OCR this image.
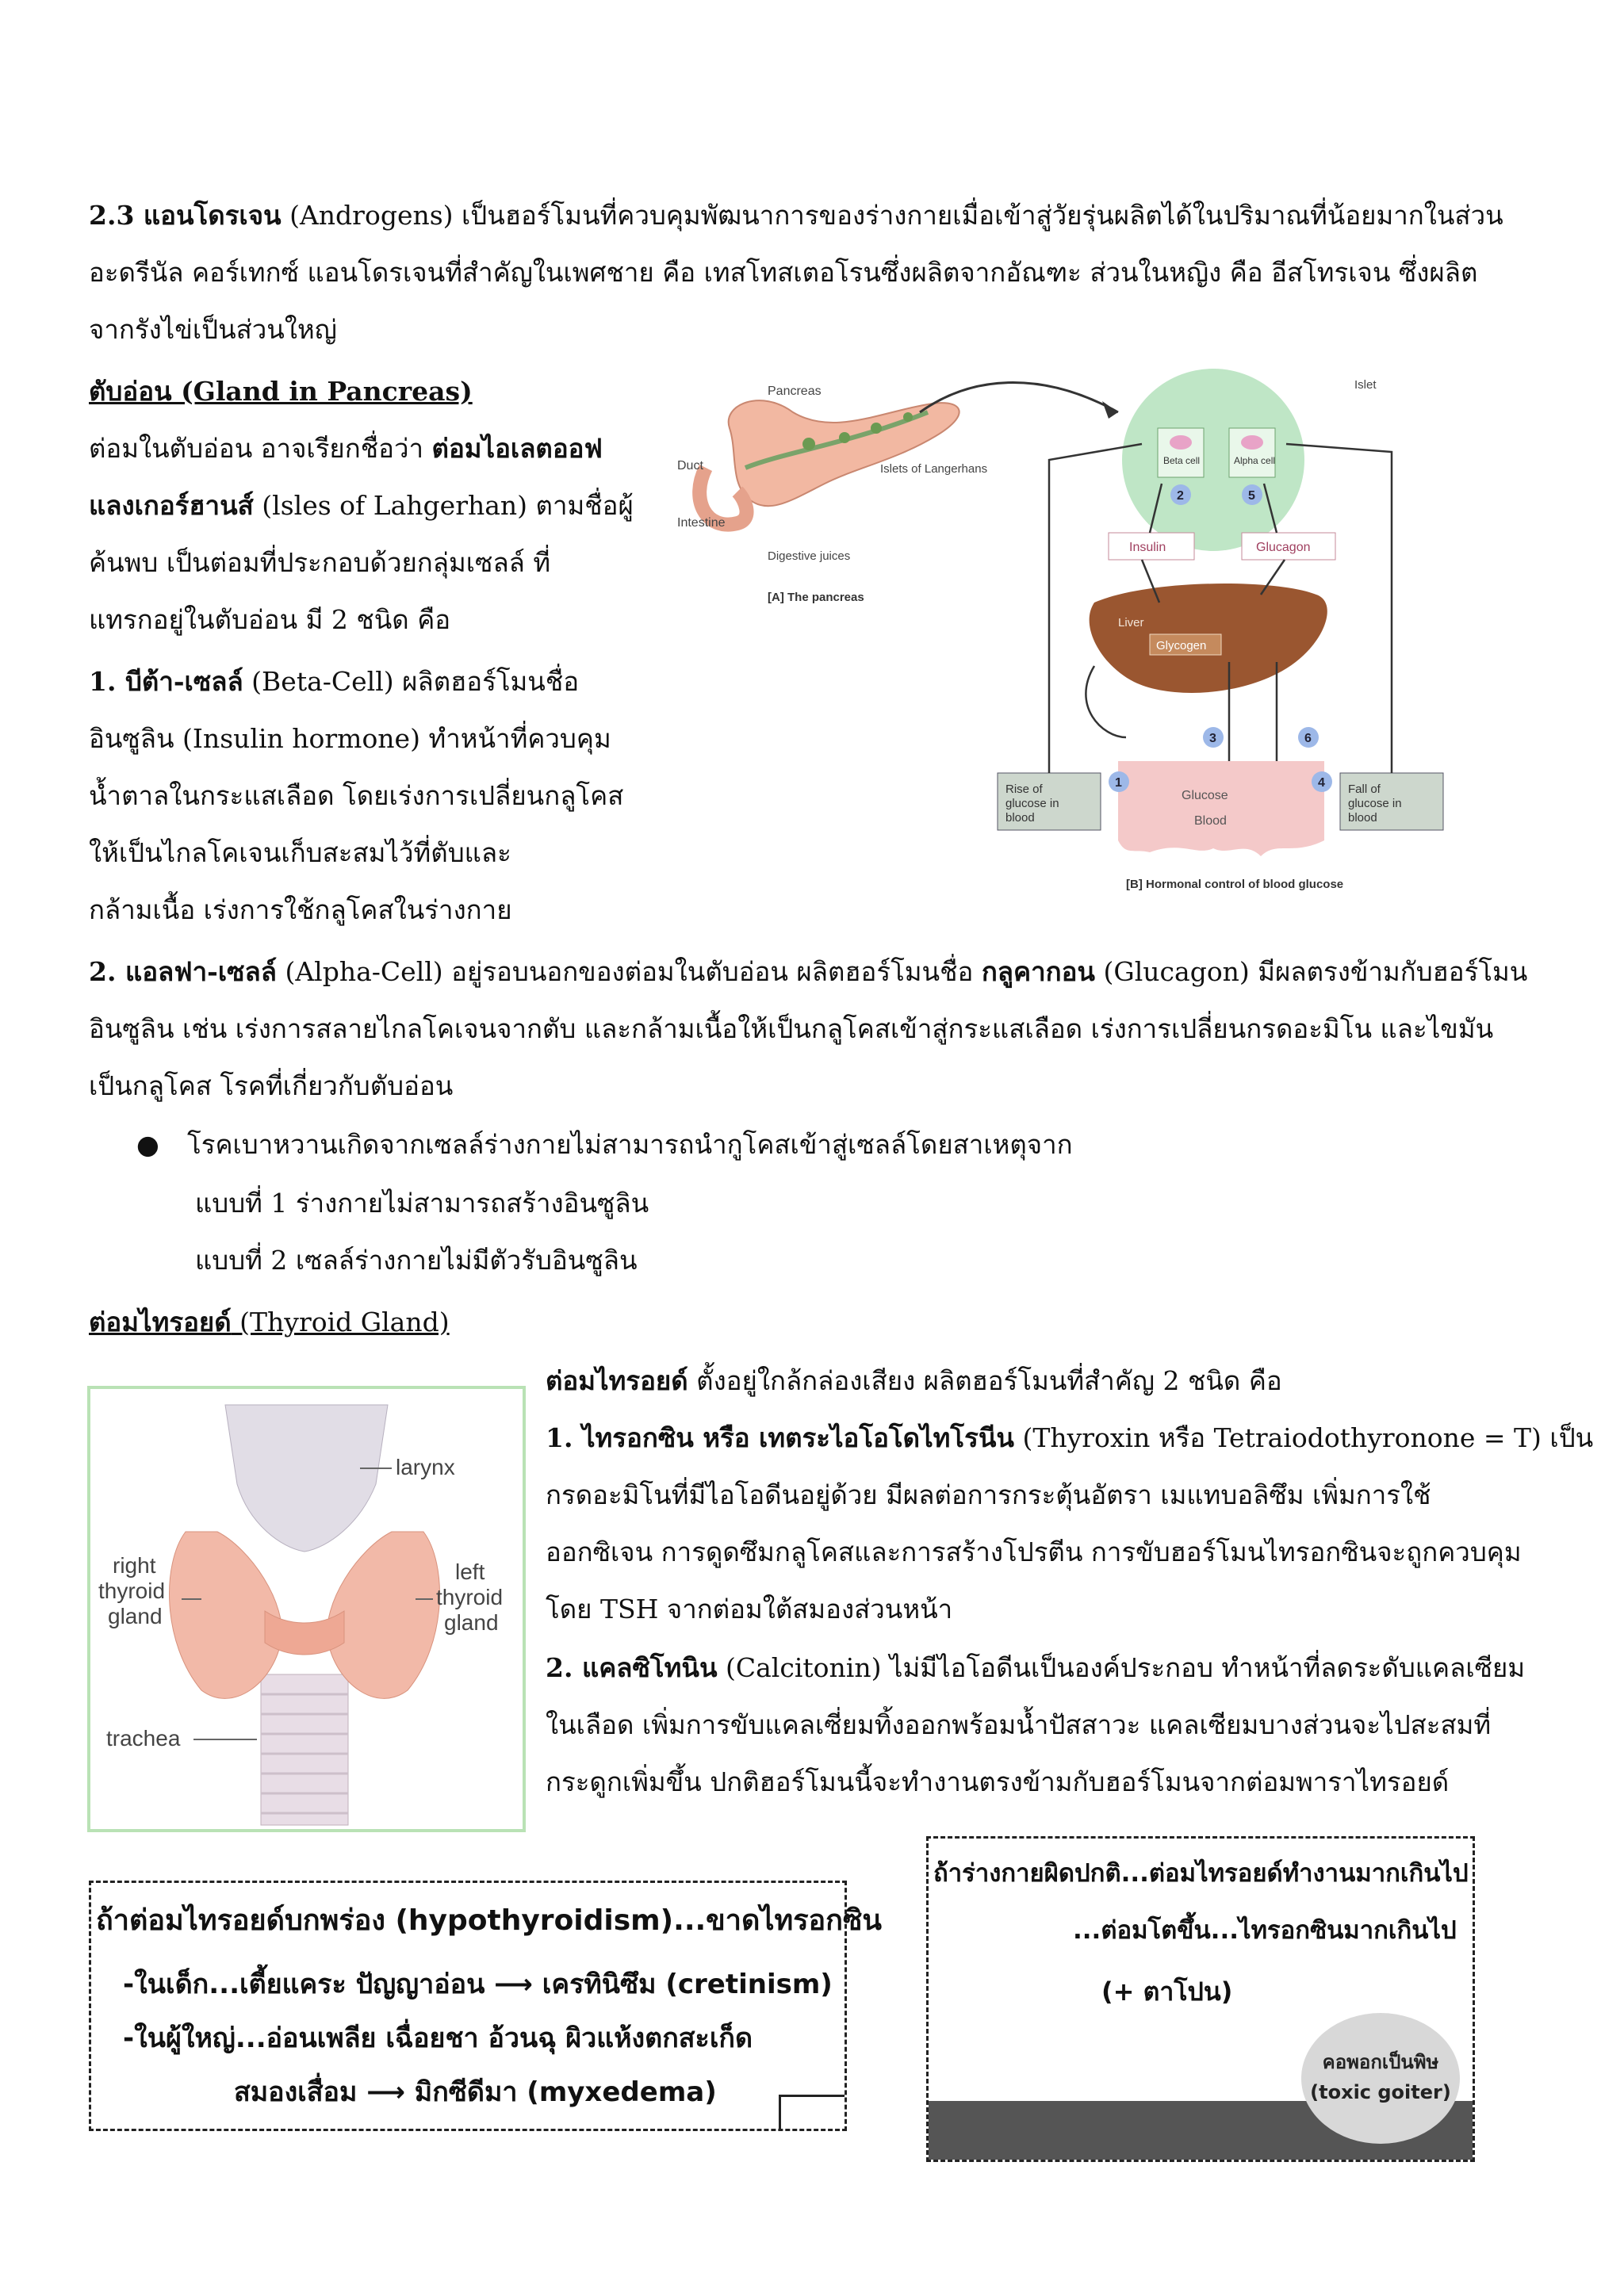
2.3 แอนโดรเจน (Androgens) เป็นฮอร์โมนที่ควบคุมพัฒนาการของร่างกายเมื่อเข้าสู่วัยรุ่นผลิตได้ในปริมาณที่น้อยมากในส่วน
อะดรีนัล คอร์เทกซ์ แอนโดรเจนที่สำคัญในเพศชาย คือ เทสโทสเตอโรนซึ่งผลิตจากอัณฑะ ส่วนในหญิง คือ อีสโทรเจน ซึ่งผลิต
จากรังไข่เป็นส่วนใหญ่
ตับอ่อน (Gland in Pancreas)
ต่อมในตับอ่อน อาจเรียกชื่อว่า ต่อมไอเลตออฟ
แลงเกอร์ฮานส์ (lsles of Lahgerhan) ตามชื่อผู้
ค้นพบ เป็นต่อมที่ประกอบด้วยกลุ่มเซลล์ ที่
แทรกอยู่ในตับอ่อน มี 2 ชนิด คือ
1. บีต้า-เซลล์ (Beta-Cell) ผลิตฮอร์โมนชื่อ
อินซูลิน (Insulin hormone) ทำหน้าที่ควบคุม
น้ำตาลในกระแสเลือด โดยเร่งการเปลี่ยนกลูโคส
ให้เป็นไกลโคเจนเก็บสะสมไว้ที่ตับและ
กล้ามเนื้อ เร่งการใช้กลูโคสในร่างกาย
2. แอลฟา-เซลล์ (Alpha-Cell) อยู่รอบนอกของต่อมในตับอ่อน ผลิตฮอร์โมนชื่อ กลูคากอน (Glucagon) มีผลตรงข้ามกับฮอร์โมน
อินซูลิน เช่น เร่งการสลายไกลโคเจนจากตับ และกล้ามเนื้อให้เป็นกลูโคสเข้าสู่กระแสเลือด เร่งการเปลี่ยนกรดอะมิโน และไขมัน
เป็นกลูโคส โรคที่เกี่ยวกับตับอ่อน
● โรคเบาหวานเกิดจากเซลล์ร่างกายไม่สามารถนำกูโคสเข้าสู่เซลล์โดยสาเหตุจาก
แบบที่ 1 ร่างกายไม่สามารถสร้างอินซูลิน
แบบที่ 2 เซลล์ร่างกายไม่มีตัวรับอินซูลิน
Pancreas
Duct
Intestine
Islets of Langerhans
Digestive juices
[A] The pancreas
Islet
Beta cell	Alpha cell
2	5
Insulin	Glucagon
Liver
Glycogen
Glucose
Blood
Rise of glucose in blood
Fall of glucose in blood
1	4
3	6
[B] Hormonal control of blood glucose
ต่อมไทรอยด์ (Thyroid Gland)
larynx
right thyroid gland
left thyroid gland
trachea
ต่อมไทรอยด์ ตั้งอยู่ใกล้กล่องเสียง ผลิตฮอร์โมนที่สำคัญ 2 ชนิด คือ
1. ไทรอกซิน หรือ เทตระไอโอโดไทโรนีน (Thyroxin หรือ Tetraiodothyronone = T) เป็น
กรดอะมิโนที่มีไอโอดีนอยู่ด้วย มีผลต่อการกระตุ้นอัตรา เมแทบอลิซึม เพิ่มการใช้
ออกซิเจน การดูดซึมกลูโคสและการสร้างโปรตีน การขับฮอร์โมนไทรอกซินจะถูกควบคุม
โดย TSH จากต่อมใต้สมองส่วนหน้า
2. แคลซิโทนิน (Calcitonin) ไม่มีไอโอดีนเป็นองค์ประกอบ ทำหน้าที่ลดระดับแคลเซียม
ในเลือด เพิ่มการขับแคลเซี่ยมทิ้งออกพร้อมน้ำปัสสาวะ แคลเซียมบางส่วนจะไปสะสมที่
กระดูกเพิ่มขึ้น ปกติฮอร์โมนนี้จะทำงานตรงข้ามกับฮอร์โมนจากต่อมพาราไทรอยด์
ถ้าต่อมไทรอยด์บกพร่อง (hypothyroidism)...ขาดไทรอกซิน
-ในเด็ก...เตี้ยแคระ ปัญญาอ่อน ⟶ เครทินิซึม (cretinism)
-ในผู้ใหญ่...อ่อนเพลีย เฉื่อยชา อ้วนฉุ ผิวแห้งตกสะเก็ด
สมองเสื่อม ⟶ มิกซีดีมา (myxedema)
ถ้าร่างกายผิดปกติ...ต่อมไทรอยด์ทำงานมากเกินไป
...ต่อมโตขึ้น...ไทรอกซินมากเกินไป
(+ ตาโปน)
คอพอกเป็นพิษ
(toxic goiter)
